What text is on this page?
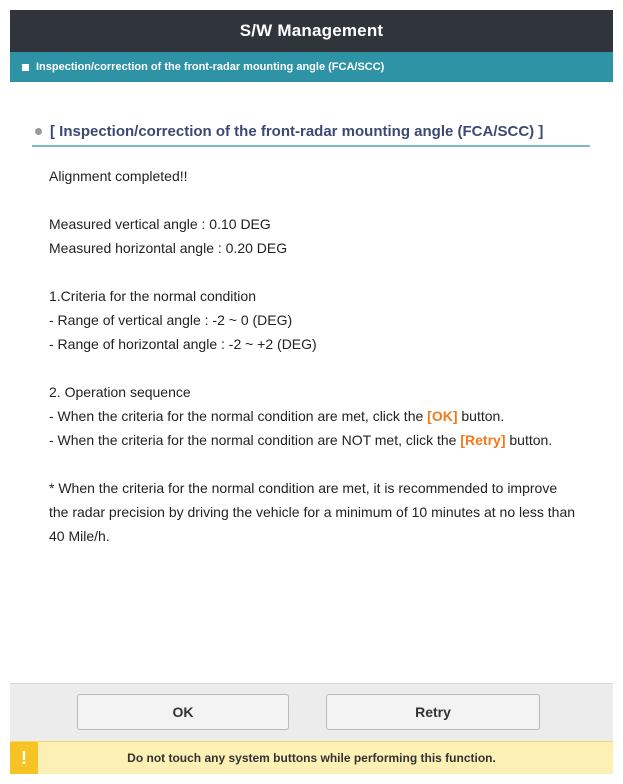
S/W Management
Inspection/correction of the front-radar mounting angle (FCA/SCC)
[ Inspection/correction of the front-radar mounting angle (FCA/SCC) ]

Alignment completed!!

Measured vertical angle : 0.10 DEG

Measured horizontal angle : 0.20 DEG

1.Criteria for the normal condition

- Range of vertical angle : -2 ~ 0 (DEG)

- Range of horizontal angle : -2 ~ +2 (DEG)

2. Operation sequence

- When the criteria for the normal condition are met, click the [OK] button.

- When the criteria for the normal condition are NOT met, click the [Retry] button.

* When the criteria for the normal condition are met, it is recommended to improve the radar precision by driving the vehicle for a minimum of 10 minutes at no less than 40 Mile/h.

OK	Retry
!	Do not touch any system buttons while performing this function.
